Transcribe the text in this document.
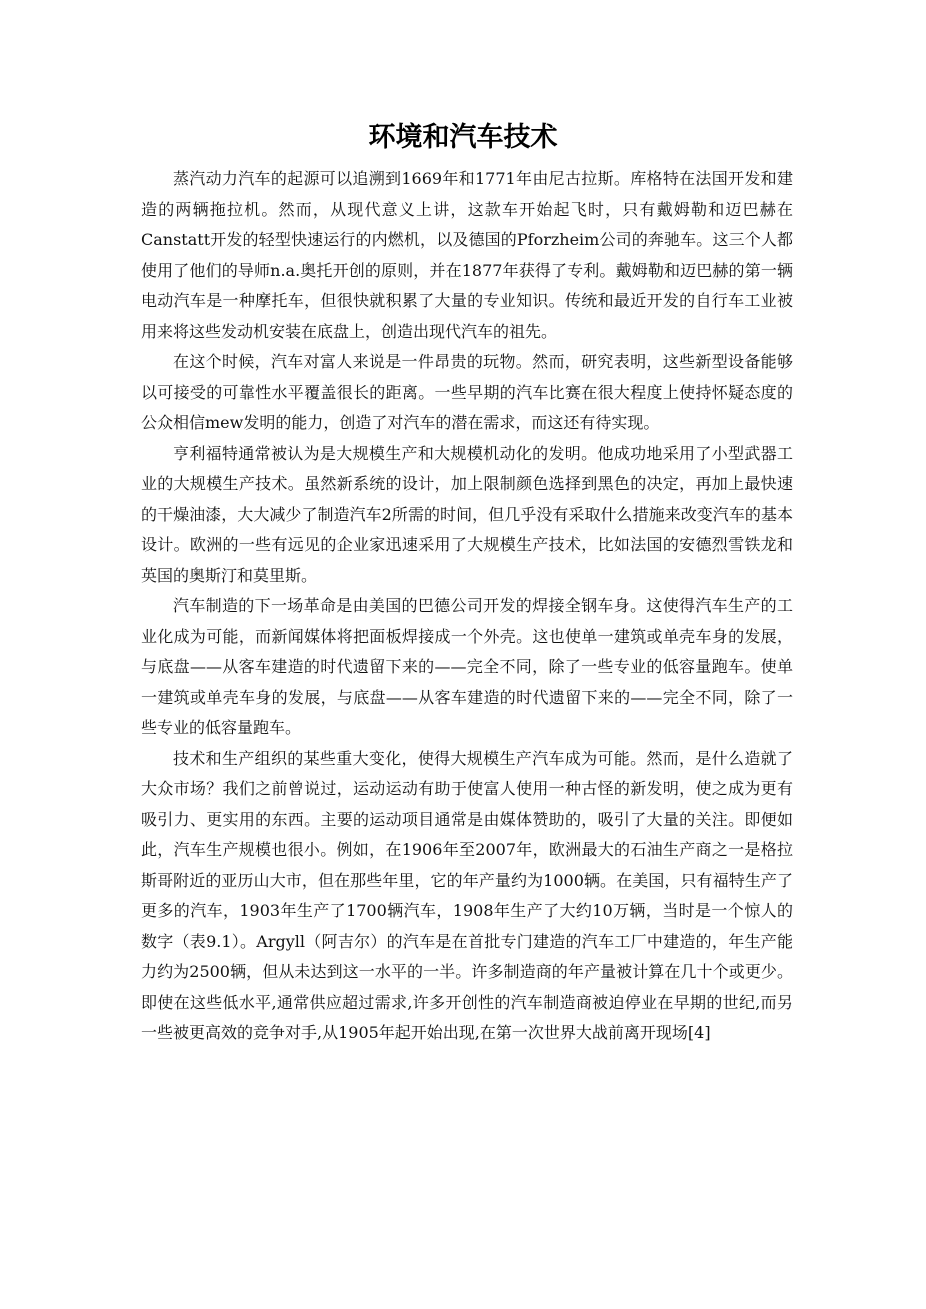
环境和汽车技术

蒸汽动力汽车的起源可以追溯到1669年和1771年由尼古拉斯。库格特在法国开发和建造的两辆拖拉机。然而，从现代意义上讲，这款车开始起飞时，只有戴姆勒和迈巴赫在Canstatt开发的轻型快速运行的内燃机，以及德国的Pforzheim公司的奔驰车。这三个人都使用了他们的导师n.a.奥托开创的原则，并在1877年获得了专利。戴姆勒和迈巴赫的第一辆电动汽车是一种摩托车，但很快就积累了大量的专业知识。传统和最近开发的自行车工业被用来将这些发动机安装在底盘上，创造出现代汽车的祖先。

在这个时候，汽车对富人来说是一件昂贵的玩物。然而，研究表明，这些新型设备能够以可接受的可靠性水平覆盖很长的距离。一些早期的汽车比赛在很大程度上使持怀疑态度的公众相信mew发明的能力，创造了对汽车的潜在需求，而这还有待实现。

亨利福特通常被认为是大规模生产和大规模机动化的发明。他成功地采用了小型武器工业的大规模生产技术。虽然新系统的设计，加上限制颜色选择到黑色的决定，再加上最快速的干燥油漆，大大减少了制造汽车2所需的时间，但几乎没有采取什么措施来改变汽车的基本设计。欧洲的一些有远见的企业家迅速采用了大规模生产技术，比如法国的安德烈雪铁龙和英国的奥斯汀和莫里斯。

汽车制造的下一场革命是由美国的巴德公司开发的焊接全钢车身。这使得汽车生产的工业化成为可能，而新闻媒体将把面板焊接成一个外壳。这也使单一建筑或单壳车身的发展，与底盘——从客车建造的时代遗留下来的——完全不同，除了一些专业的低容量跑车。使单一建筑或单壳车身的发展，与底盘——从客车建造的时代遗留下来的——完全不同，除了一些专业的低容量跑车。

技术和生产组织的某些重大变化，使得大规模生产汽车成为可能。然而，是什么造就了大众市场？我们之前曾说过，运动运动有助于使富人使用一种古怪的新发明，使之成为更有吸引力、更实用的东西。主要的运动项目通常是由媒体赞助的，吸引了大量的关注。即便如此，汽车生产规模也很小。例如，在1906年至2007年，欧洲最大的石油生产商之一是格拉斯哥附近的亚历山大市，但在那些年里，它的年产量约为1000辆。在美国，只有福特生产了更多的汽车，1903年生产了1700辆汽车，1908年生产了大约10万辆，当时是一个惊人的数字（表9.1）。Argyll（阿吉尔）的汽车是在首批专门建造的汽车工厂中建造的，年生产能力约为2500辆，但从未达到这一水平的一半。许多制造商的年产量被计算在几十个或更少。即使在这些低水平,通常供应超过需求,许多开创性的汽车制造商被迫停业在早期的世纪,而另一些被更高效的竞争对手,从1905年起开始出现,在第一次世界大战前离开现场[4]
